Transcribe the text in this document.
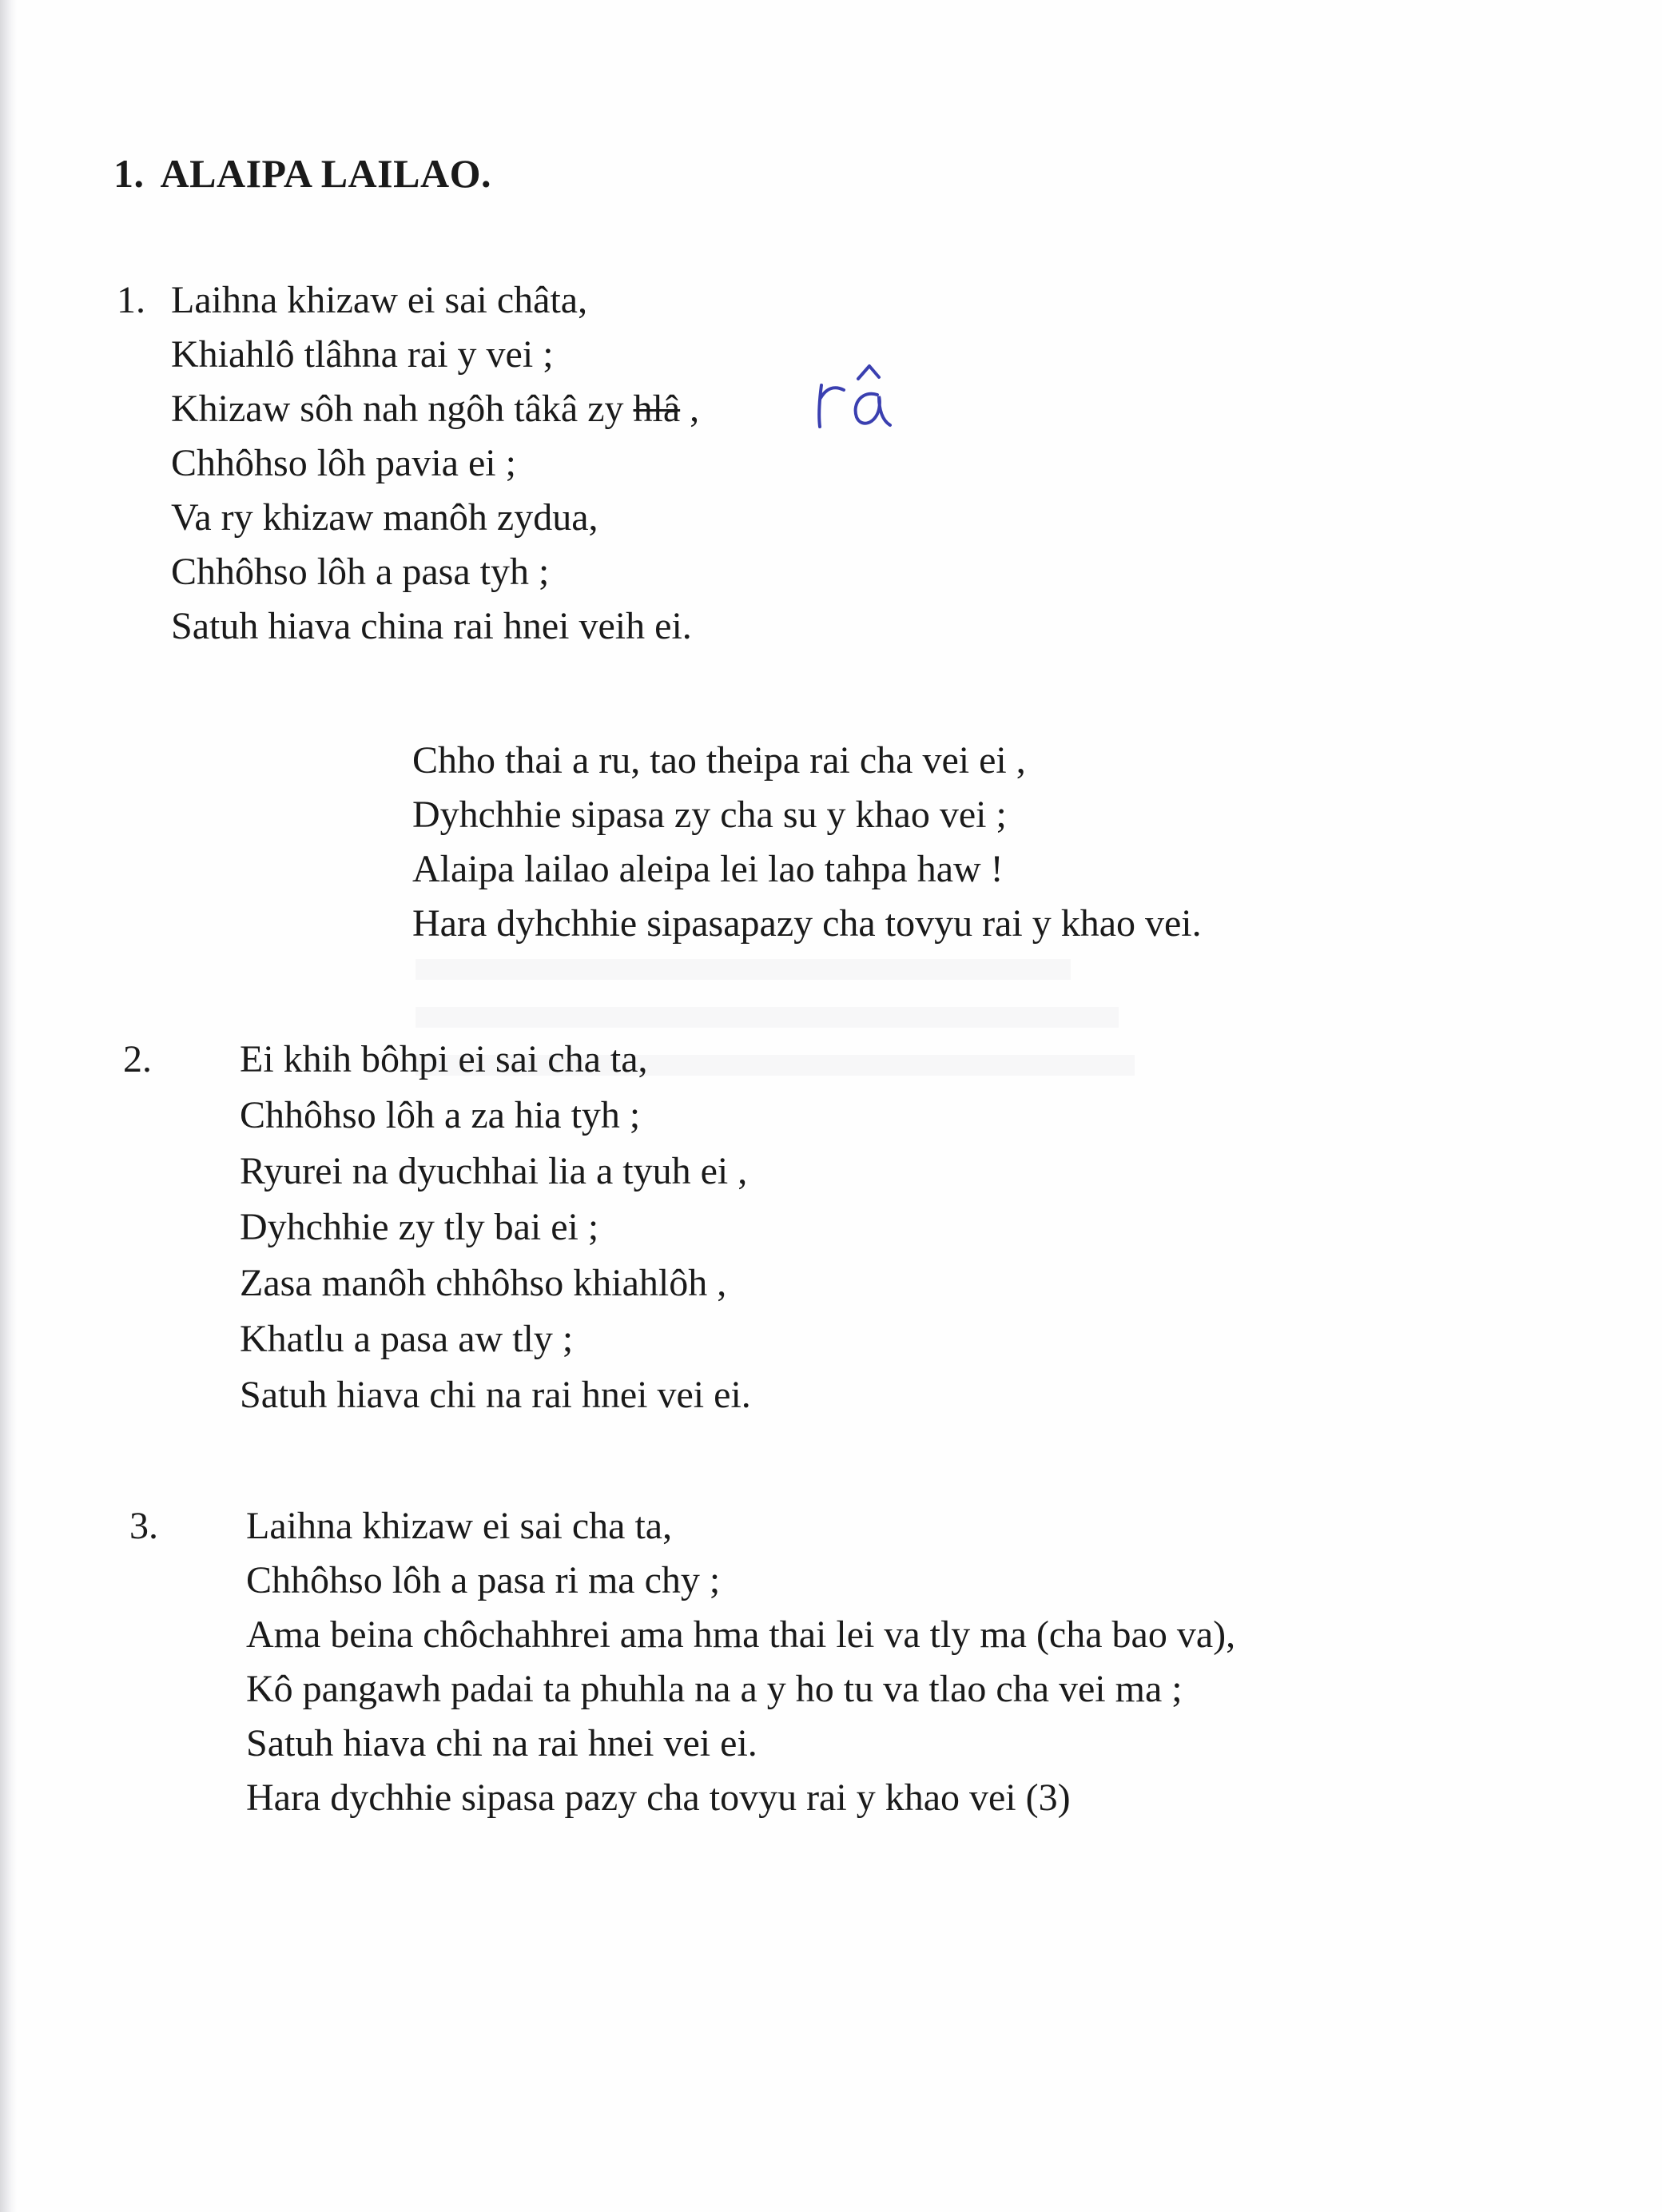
1. ALAIPA LAILAO.
1. Laihna khizaw ei sai châta,
Khiahlô tlâhna rai y vei ;
Khizaw sôh nah ngôh tâkâ zy hlâ ,
Chhôhso lôh pavia ei ;
Va ry khizaw manôh zydua,
Chhôhso lôh a pasa tyh ;
Satuh hiava china rai hnei veih ei.
Chho thai a ru, tao theipa rai cha vei ei ,
Dyhchhie sipasa zy cha su y khao vei ;
Alaipa lailao aleipa lei lao tahpa haw !
Hara dyhchhie sipasapazy cha tovyu rai y khao vei.
2. Ei khih bôhpi ei sai cha ta,
Chhôhso lôh a za hia tyh ;
Ryurei na dyuchhai lia a tyuh ei ,
Dyhchhie zy tly bai ei ;
Zasa manôh chhôhso khiahlôh ,
Khatlu a pasa aw tly ;
Satuh hiava chi na rai hnei vei ei.
3. Laihna khizaw ei sai cha ta,
Chhôhso lôh a pasa ri ma chy ;
Ama beina chôchahhrei ama hma thai lei va tly ma (cha bao va),
Kô pangawh padai ta phuhla na a y ho tu va tlao cha vei ma ;
Satuh hiava chi na rai hnei vei ei.
Hara dychhie sipasa pazy cha tovyu rai y khao vei (3)
